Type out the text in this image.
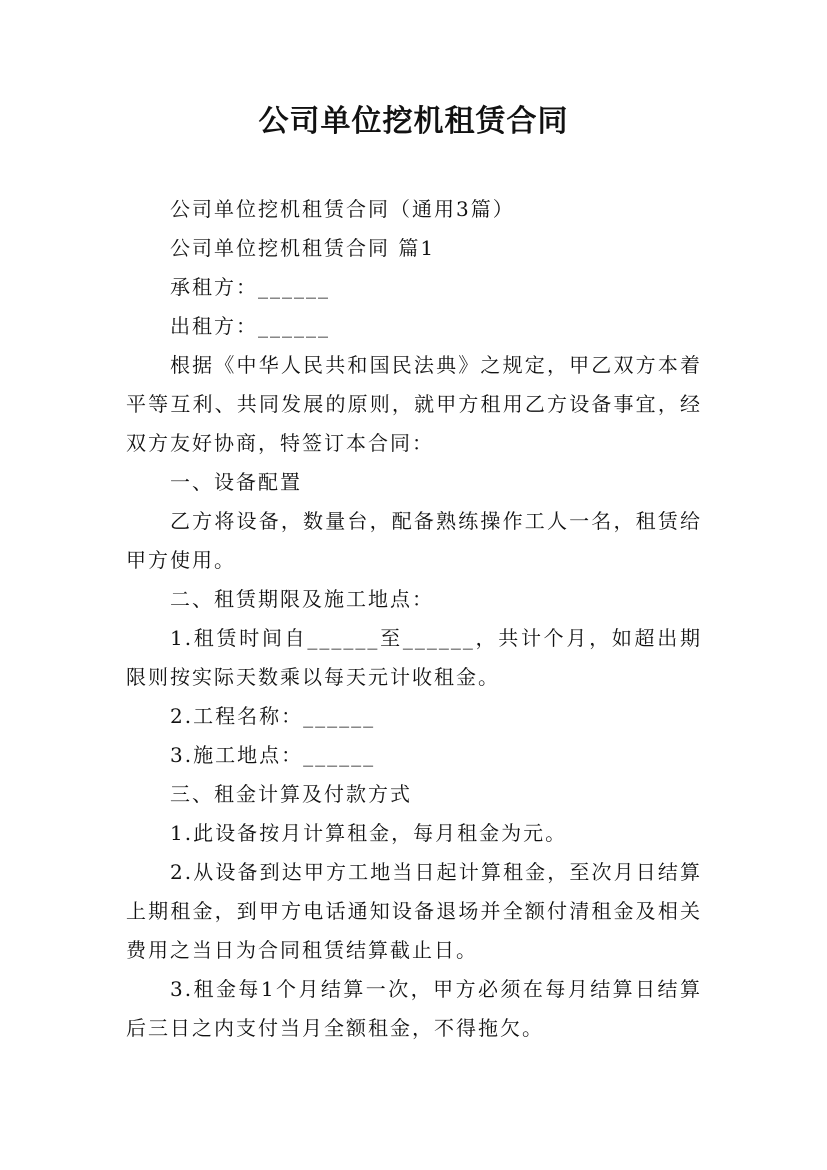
公司单位挖机租赁合同

公司单位挖机租赁合同（通用3篇）

公司单位挖机租赁合同 篇1

承租方：______

出租方：______

根据《中华人民共和国民法典》之规定，甲乙双方本着平等互利、共同发展的原则，就甲方租用乙方设备事宜，经双方友好协商，特签订本合同：

一、设备配置

乙方将设备，数量台，配备熟练操作工人一名，租赁给甲方使用。

二、租赁期限及施工地点：

1.租赁时间自______至______，共计个月，如超出期限则按实际天数乘以每天元计收租金。

2.工程名称：______

3.施工地点：______

三、租金计算及付款方式

1.此设备按月计算租金，每月租金为元。

2.从设备到达甲方工地当日起计算租金，至次月日结算上期租金，到甲方电话通知设备退场并全额付清租金及相关费用之当日为合同租赁结算截止日。

3.租金每1个月结算一次，甲方必须在每月结算日结算后三日之内支付当月全额租金，不得拖欠。
